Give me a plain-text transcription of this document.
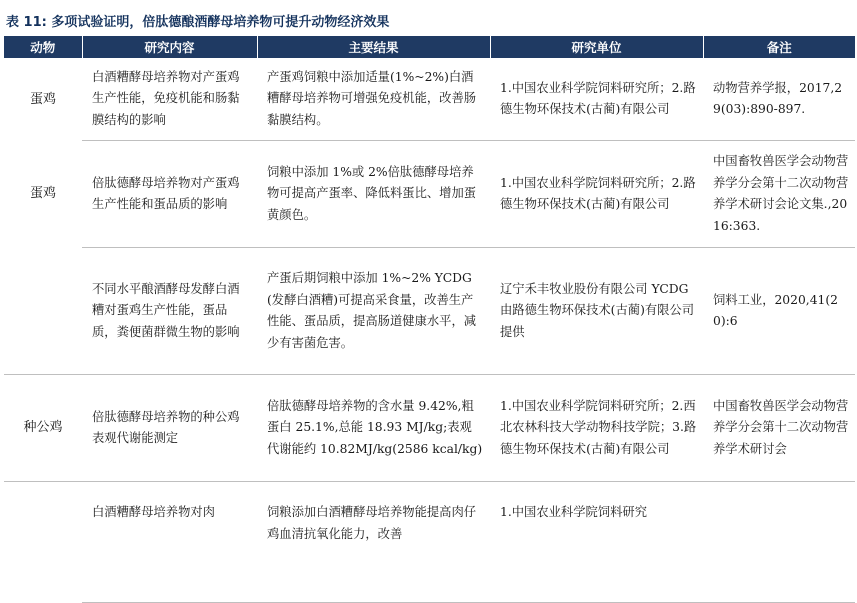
表 11: 多项试验证明，倍肽德酿酒酵母培养物可提升动物经济效果
动物	研究内容	主要结果	研究单位	备注
蛋鸡	白酒糟酵母培养物对产蛋鸡生产性能，免疫机能和肠黏膜结构的影响	产蛋鸡饲粮中添加适量(1%~2%)白酒糟酵母培养物可增强免疫机能，改善肠黏膜结构。	1.中国农业科学院饲料研究所；2.路德生物环保技术(古蔺)有限公司	动物营养学报，2017,29(03):890-897.
蛋鸡	倍肽德酵母培养物对产蛋鸡生产性能和蛋品质的影响	饲粮中添加 1%或 2%倍肽德酵母培养物可提高产蛋率、降低料蛋比、增加蛋黄颜色。	1.中国农业科学院饲料研究所；2.路德生物环保技术(古蔺)有限公司	中国畜牧兽医学会动物营养学分会第十二次动物营养学术研讨会论文集.,2016:363.
	不同水平酿酒酵母发酵白酒糟对蛋鸡生产性能，蛋品质，粪便菌群微生物的影响	产蛋后期饲粮中添加 1%~2% YCDG(发酵白酒糟)可提高采食量，改善生产性能、蛋品质，提高肠道健康水平，减少有害菌危害。	辽宁禾丰牧业股份有限公司 YCDG 由路德生物环保技术(古蔺)有限公司提供	饲料工业，2020,41(20):6
种公鸡	倍肽德酵母培养物的种公鸡表观代谢能测定	倍肽德酵母培养物的含水量 9.42%,粗蛋白 25.1%,总能 18.93 MJ/kg;表观代谢能约 10.82MJ/kg(2586 kcal/kg)	1.中国农业科学院饲料研究所；2.西北农林科技大学动物科技学院；3.路德生物环保技术(古蔺)有限公司	中国畜牧兽医学会动物营养学分会第十二次动物营养学术研讨会
	白酒糟酵母培养物对肉	饲粮添加白酒糟酵母培养物能提高肉仔鸡血清抗氧化能力，改善	1.中国农业科学院饲料研究	
